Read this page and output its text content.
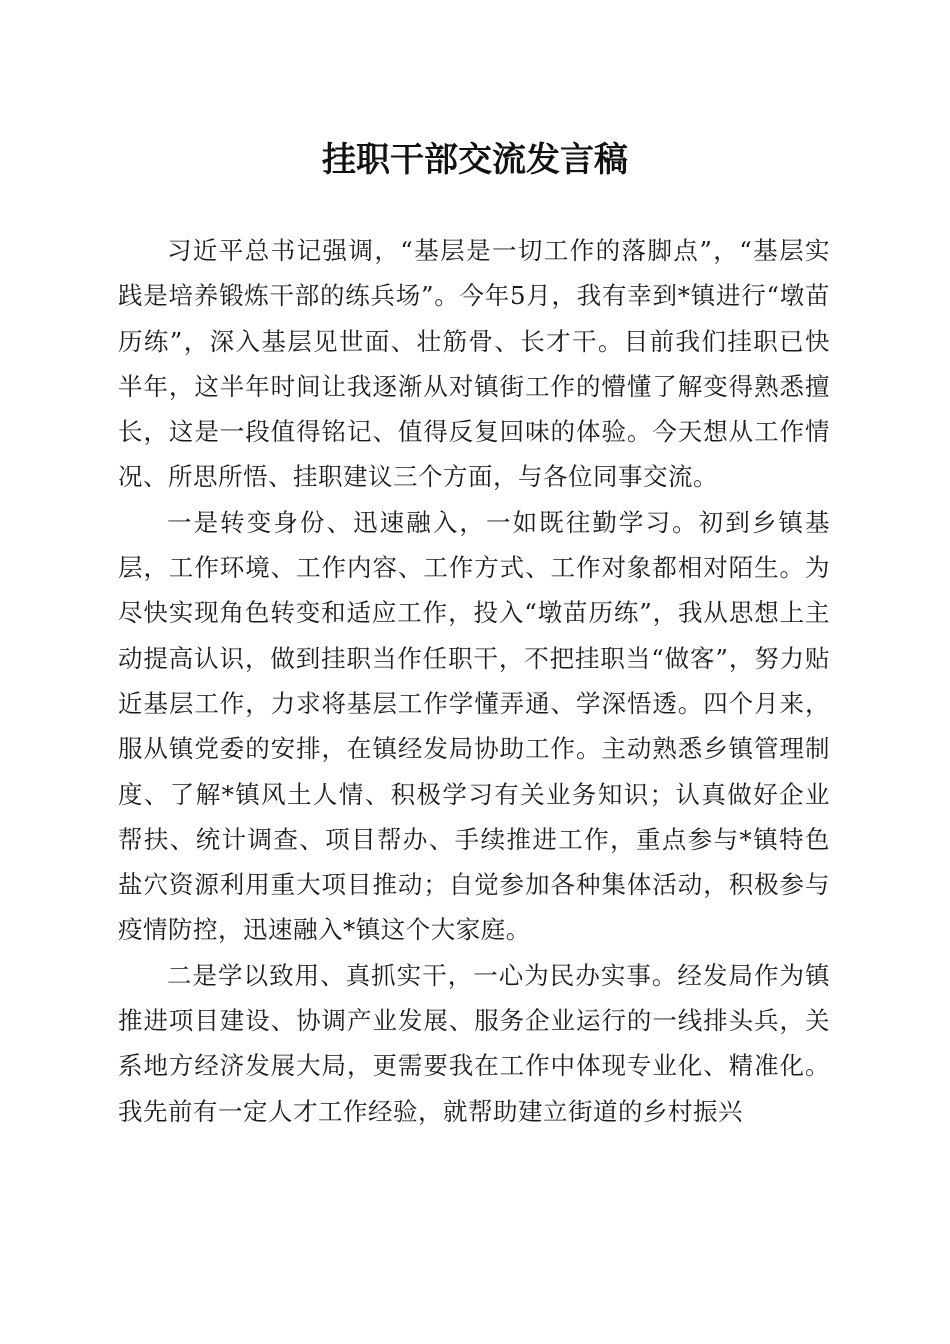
挂职干部交流发言稿

习近平总书记强调，“基层是一切工作的落脚点”，“基层实践是培养锻炼干部的练兵场”。今年5月，我有幸到*镇进行“墩苗历练”，深入基层见世面、壮筋骨、长才干。目前我们挂职已快半年，这半年时间让我逐渐从对镇街工作的懵懂了解变得熟悉擅长，这是一段值得铭记、值得反复回味的体验。今天想从工作情况、所思所悟、挂职建议三个方面，与各位同事交流。

一是转变身份、迅速融入，一如既往勤学习。初到乡镇基层，工作环境、工作内容、工作方式、工作对象都相对陌生。为尽快实现角色转变和适应工作，投入“墩苗历练”，我从思想上主动提高认识，做到挂职当作任职干，不把挂职当“做客”，努力贴近基层工作，力求将基层工作学懂弄通、学深悟透。四个月来，服从镇党委的安排，在镇经发局协助工作。主动熟悉乡镇管理制度、了解*镇风土人情、积极学习有关业务知识；认真做好企业帮扶、统计调查、项目帮办、手续推进工作，重点参与*镇特色盐穴资源利用重大项目推动；自觉参加各种集体活动，积极参与疫情防控，迅速融入*镇这个大家庭。

二是学以致用、真抓实干，一心为民办实事。经发局作为镇推进项目建设、协调产业发展、服务企业运行的一线排头兵，关系地方经济发展大局，更需要我在工作中体现专业化、精准化。我先前有一定人才工作经验，就帮助建立街道的乡村振兴
